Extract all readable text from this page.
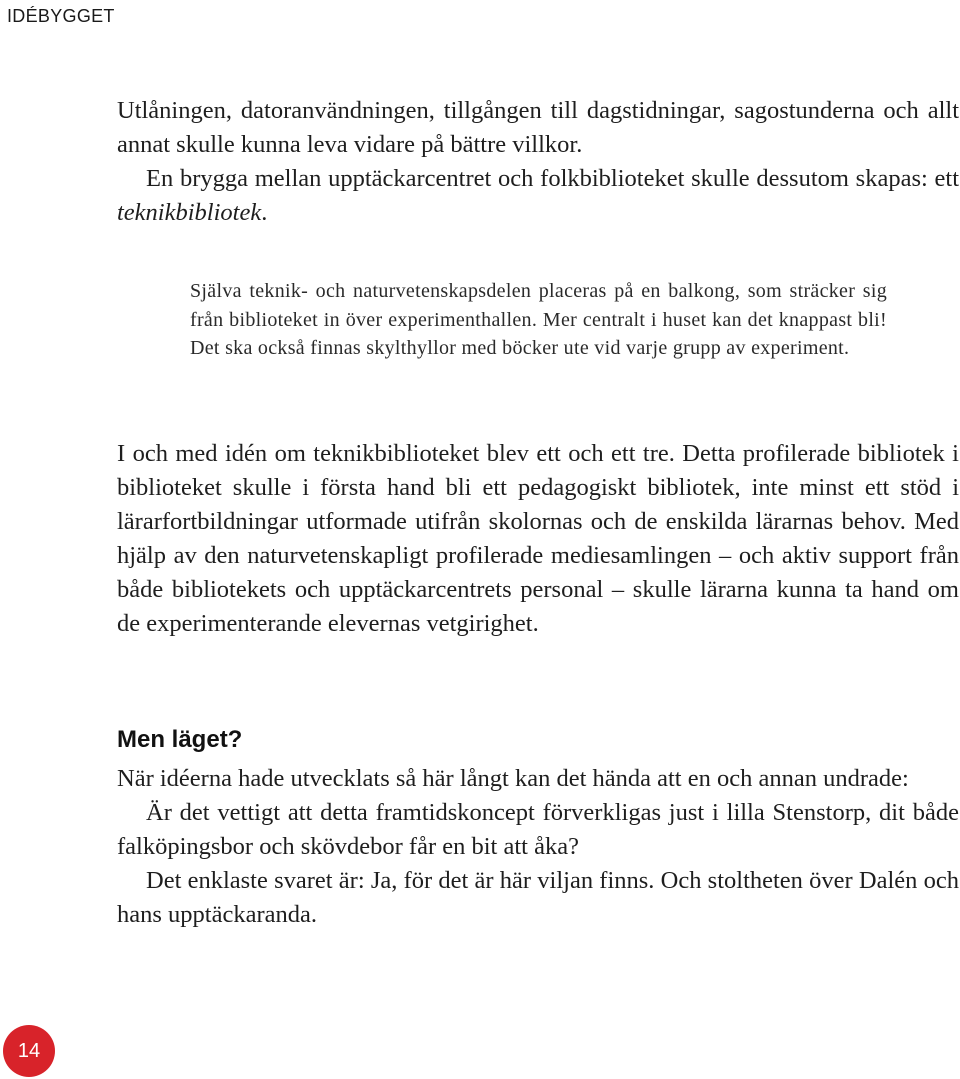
IDÉBYGGET

Utlåningen, datoranvändningen, tillgången till dagstidningar, sagostunderna och allt annat skulle kunna leva vidare på bättre villkor.
En brygga mellan upptäckarcentret och folkbiblioteket skulle dessutom skapas: ett teknikbibliotek.

Själva teknik- och naturvetenskapsdelen placeras på en balkong, som sträcker sig från biblioteket in över experimenthallen. Mer centralt i huset kan det knappast bli! Det ska också finnas skylthyllor med böcker ute vid varje grupp av experiment.

I och med idén om teknikbiblioteket blev ett och ett tre. Detta profilerade bibliotek i biblioteket skulle i första hand bli ett pedagogiskt bibliotek, inte minst ett stöd i lärarfortbildningar utformade utifrån skolornas och de enskilda lärarnas behov. Med hjälp av den naturvetenskapligt profilerade mediesamlingen – och aktiv support från både bibliotekets och upptäckarcentrets personal – skulle lärarna kunna ta hand om de experimenterande elevernas vetgirighet.

Men läget?

När idéerna hade utvecklats så här långt kan det hända att en och annan undrade:
Är det vettigt att detta framtidskoncept förverkligas just i lilla Stenstorp, dit både falköpingsbor och skövdebor får en bit att åka?
Det enklaste svaret är: Ja, för det är här viljan finns. Och stoltheten över Dalén och hans upptäckaranda.

14
